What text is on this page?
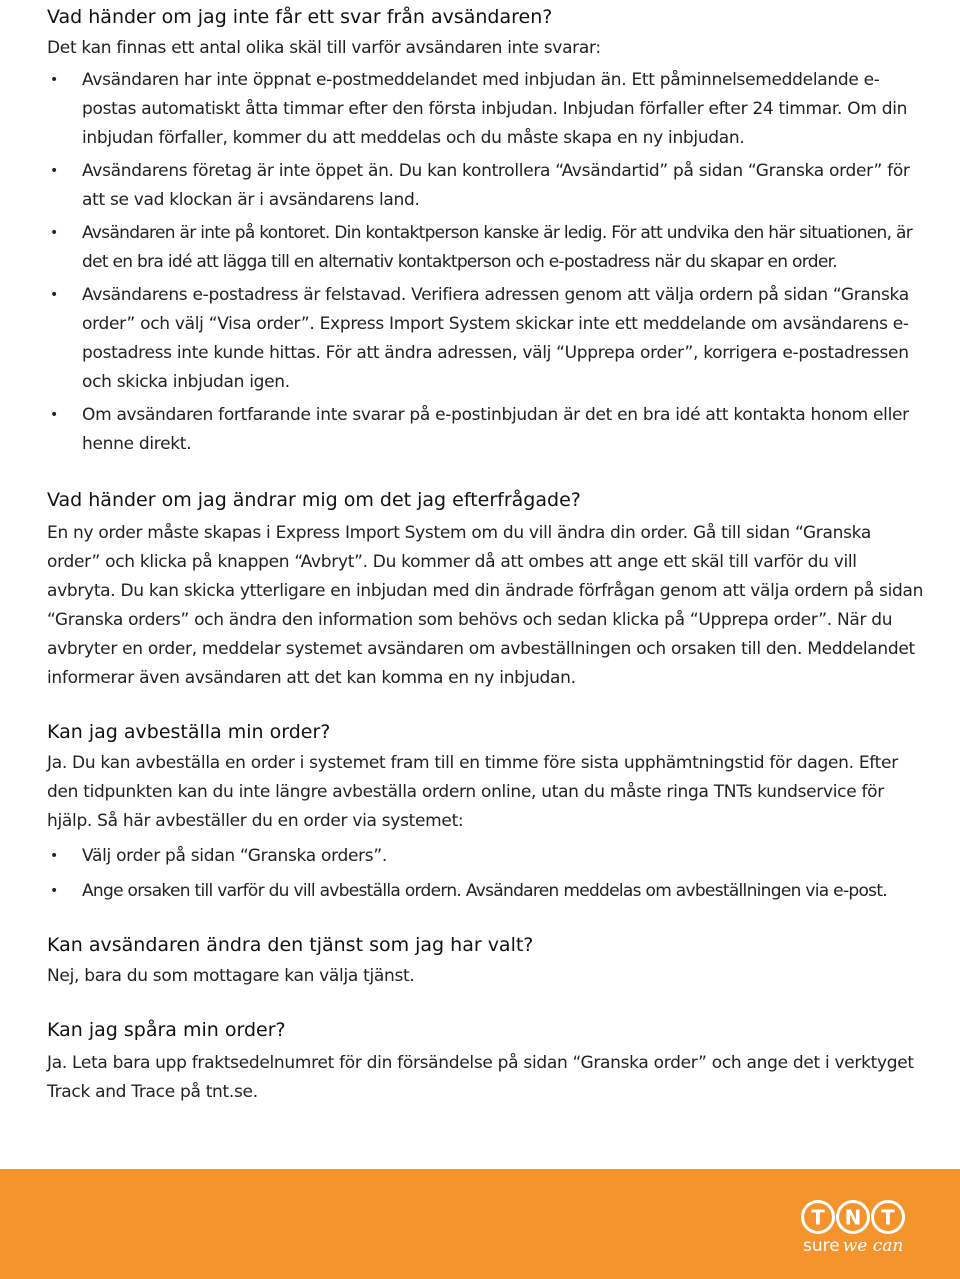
Vad händer om jag inte får ett svar från avsändaren?

Det kan finnas ett antal olika skäl till varför avsändaren inte svarar:

• Avsändaren har inte öppnat e-postmeddelandet med inbjudan än. Ett påminnelsemeddelande e-postas automatiskt åtta timmar efter den första inbjudan. Inbjudan förfaller efter 24 timmar. Om din inbjudan förfaller, kommer du att meddelas och du måste skapa en ny inbjudan.
• Avsändarens företag är inte öppet än. Du kan kontrollera “Avsändartid” på sidan “Granska order” för att se vad klockan är i avsändarens land.
• Avsändaren är inte på kontoret. Din kontaktperson kanske är ledig. För att undvika den här situationen, är det en bra idé att lägga till en alternativ kontaktperson och e-postadress när du skapar en order.
• Avsändarens e-postadress är felstavad. Verifiera adressen genom att välja ordern på sidan “Granska order” och välj “Visa order”. Express Import System skickar inte ett meddelande om avsändarens e-postadress inte kunde hittas. För att ändra adressen, välj “Upprepa order”, korrigera e-postadressen och skicka inbjudan igen.
• Om avsändaren fortfarande inte svarar på e-postinbjudan är det en bra idé att kontakta honom eller henne direkt.
Vad händer om jag ändrar mig om det jag efterfrågade?

En ny order måste skapas i Express Import System om du vill ändra din order. Gå till sidan “Granska order” och klicka på knappen “Avbryt”. Du kommer då att ombes att ange ett skäl till varför du vill avbryta. Du kan skicka ytterligare en inbjudan med din ändrade förfrågan genom att välja ordern på sidan “Granska orders” och ändra den information som behövs och sedan klicka på “Upprepa order”. När du avbryter en order, meddelar systemet avsändaren om avbeställningen och orsaken till den. Meddelandet informerar även avsändaren att det kan komma en ny inbjudan.

Kan jag avbeställa min order?

Ja. Du kan avbeställa en order i systemet fram till en timme före sista upphämtningstid för dagen. Efter den tidpunkten kan du inte längre avbeställa ordern online, utan du måste ringa TNTs kundservice för hjälp. Så här avbeställer du en order via systemet:

• Välj order på sidan “Granska orders”.
• Ange orsaken till varför du vill avbeställa ordern. Avsändaren meddelas om avbeställningen via e-post.
Kan avsändaren ändra den tjänst som jag har valt?

Nej, bara du som mottagare kan välja tjänst.

Kan jag spåra min order?

Ja. Leta bara upp fraktsedelnumret för din försändelse på sidan “Granska order” och ange det i verktyget Track and Trace på tnt.se.

T N T
sure we can
